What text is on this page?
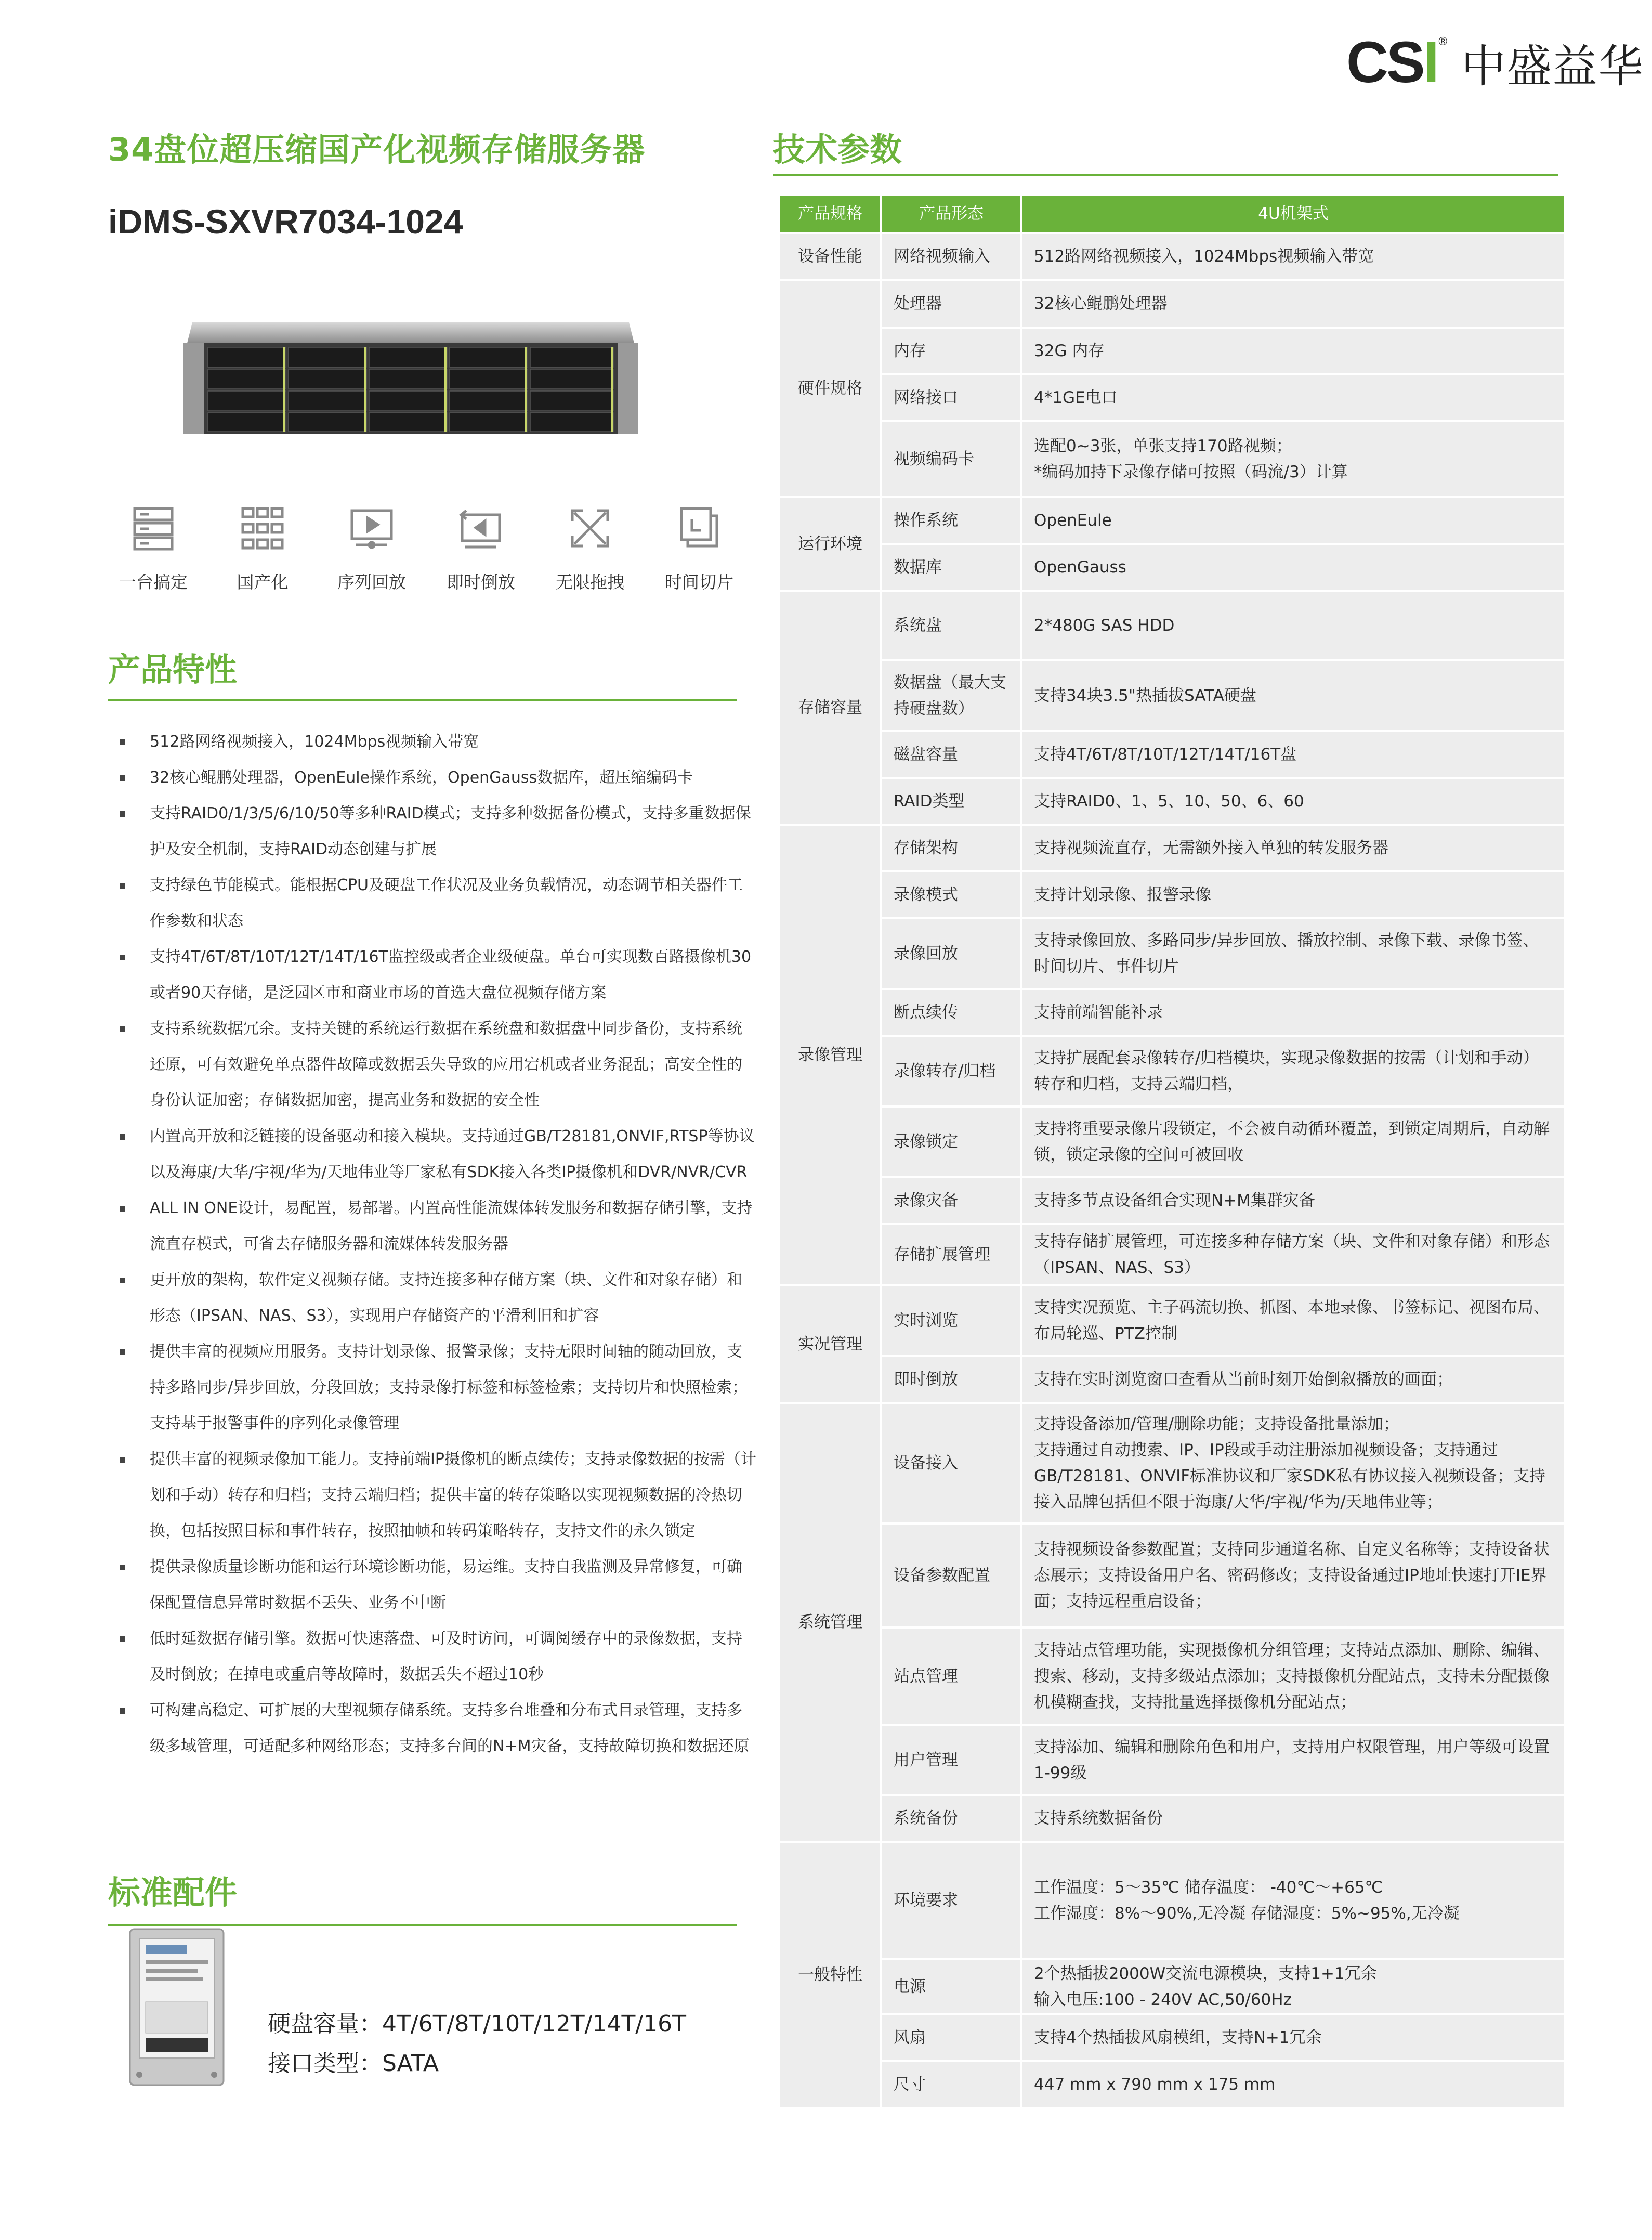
CSI ® 中盛益华
34盘位超压缩国产化视频存储服务器
iDMS-SXVR7034-1024
一台搞定	国产化	序列回放 即时倒放 无限拖拽 时间切片
产品特性
512路网络视频接入，1024Mbps视频输入带宽
32核心鲲鹏处理器，OpenEule操作系统，OpenGauss数据库，超压缩编码卡
支持RAID0/1/3/5/6/10/50等多种RAID模式；支持多种数据备份模式，支持多重数据保护及安全机制，支持RAID动态创建与扩展
支持绿色节能模式。能根据CPU及硬盘工作状况及业务负载情况，动态调节相关器件工作参数和状态
支持4T/6T/8T/10T/12T/14T/16T监控级或者企业级硬盘。单台可实现数百路摄像机30或者90天存储，是泛园区市和商业市场的首选大盘位视频存储方案
支持系统数据冗余。支持关键的系统运行数据在系统盘和数据盘中同步备份，支持系统还原，可有效避免单点器件故障或数据丢失导致的应用宕机或者业务混乱；高安全性的身份认证加密；存储数据加密，提高业务和数据的安全性
内置高开放和泛链接的设备驱动和接入模块。支持通过GB/T28181,ONVIF,RTSP等协议以及海康/大华/宇视/华为/天地伟业等厂家私有SDK接入各类IP摄像机和DVR/NVR/CVR
ALL IN ONE设计，易配置，易部署。内置高性能流媒体转发服务和数据存储引擎，支持流直存模式，可省去存储服务器和流媒体转发服务器
更开放的架构，软件定义视频存储。支持连接多种存储方案（块、文件和对象存储）和形态（IPSAN、NAS、S3），实现用户存储资产的平滑利旧和扩容
提供丰富的视频应用服务。支持计划录像、报警录像；支持无限时间轴的随动回放，支持多路同步/异步回放，分段回放；支持录像打标签和标签检索；支持切片和快照检索；支持基于报警事件的序列化录像管理
提供丰富的视频录像加工能力。支持前端IP摄像机的断点续传；支持录像数据的按需（计划和手动）转存和归档；支持云端归档；提供丰富的转存策略以实现视频数据的冷热切换，包括按照目标和事件转存，按照抽帧和转码策略转存，支持文件的永久锁定
提供录像质量诊断功能和运行环境诊断功能，易运维。支持自我监测及异常修复，可确保配置信息异常时数据不丢失、业务不中断
低时延数据存储引擎。数据可快速落盘、可及时访问，可调阅缓存中的录像数据，支持及时倒放；在掉电或重启等故障时，数据丢失不超过10秒
可构建高稳定、可扩展的大型视频存储系统。支持多台堆叠和分布式目录管理，支持多级多域管理，可适配多种网络形态；支持多台间的N+M灾备，支持故障切换和数据还原
标准配件
硬盘容量：4T/6T/8T/10T/12T/14T/16T
接口类型：SATA
技术参数
产品规格	产品形态	4U机架式
设备性能	网络视频输入	512路网络视频接入，1024Mbps视频输入带宽
硬件规格	处理器	32核心鲲鹏处理器
	内存	32G 内存
	网络接口	4*1GE电口
	视频编码卡	选配0~3张，单张支持170路视频；
*编码加持下录像存储可按照（码流/3）计算
运行环境	操作系统	OpenEule
	数据库	OpenGauss
存储容量	系统盘	2*480G SAS HDD
	数据盘（最大支持硬盘数）	支持34块3.5"热插拔SATA硬盘
	磁盘容量	支持4T/6T/8T/10T/12T/14T/16T盘
	RAID类型	支持RAID0、1、5、10、50、6、60
录像管理	存储架构	支持视频流直存，无需额外接入单独的转发服务器
	录像模式	支持计划录像、报警录像
	录像回放	支持录像回放、多路同步/异步回放、播放控制、录像下载、录像书签、时间切片、事件切片
	断点续传	支持前端智能补录
	录像转存/归档	支持扩展配套录像转存/归档模块，实现录像数据的按需（计划和手动）转存和归档，支持云端归档，
	录像锁定	支持将重要录像片段锁定，不会被自动循环覆盖，到锁定周期后，自动解锁，锁定录像的空间可被回收
	录像灾备	支持多节点设备组合实现N+M集群灾备
	存储扩展管理	支持存储扩展管理，可连接多种存储方案（块、文件和对象存储）和形态（IPSAN、NAS、S3）
实况管理	实时浏览	支持实况预览、主子码流切换、抓图、本地录像、书签标记、视图布局、布局轮巡、PTZ控制
	即时倒放	支持在实时浏览窗口查看从当前时刻开始倒叙播放的画面；
系统管理	设备接入	支持设备添加/管理/删除功能；支持设备批量添加；
支持通过自动搜索、IP、IP段或手动注册添加视频设备；支持通过GB/T28181、ONVIF标准协议和厂家SDK私有协议接入视频设备；支持接入品牌包括但不限于海康/大华/宇视/华为/天地伟业等；
	设备参数配置	支持视频设备参数配置；支持同步通道名称、自定义名称等；支持设备状态展示；支持设备用户名、密码修改；支持设备通过IP地址快速打开IE界面；支持远程重启设备；
	站点管理	支持站点管理功能，实现摄像机分组管理；支持站点添加、删除、编辑、搜索、移动，支持多级站点添加；支持摄像机分配站点，支持未分配摄像机模糊查找，支持批量选择摄像机分配站点；
	用户管理	支持添加、编辑和删除角色和用户，支持用户权限管理，用户等级可设置1-99级
	系统备份	支持系统数据备份
一般特性	环境要求	工作温度：5～35℃ 储存温度： -40℃～+65℃
工作湿度：8%～90%,无冷凝 存储湿度：5%~95%,无冷凝
	电源	2个热插拔2000W交流电源模块，支持1+1冗余
输入电压:100 - 240V AC,50/60Hz
	风扇	支持4个热插拔风扇模组，支持N+1冗余
	尺寸	447 mm x 790 mm x 175 mm
